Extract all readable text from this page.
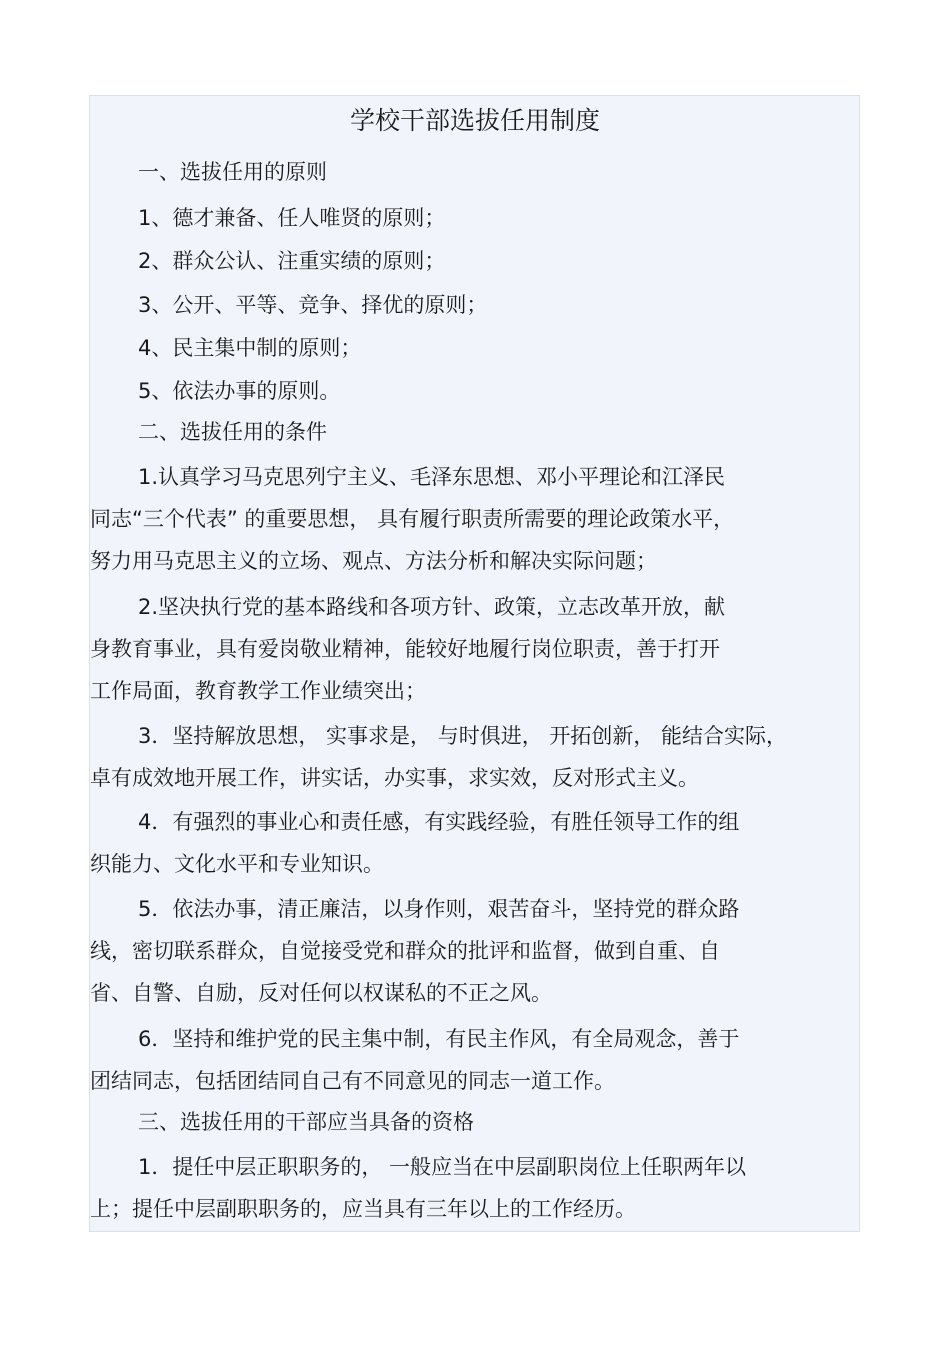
学校干部选拔任用制度

一、选拔任用的原则

1、德才兼备、任人唯贤的原则；

2、群众公认、注重实绩的原则；

3、公开、平等、竞争、择优的原则；

4、民主集中制的原则；

5、依法办事的原则。

二、选拔任用的条件

1.认真学习马克思列宁主义、毛泽东思想、邓小平理论和江泽民

同志“三个代表” 的重要思想， 具有履行职责所需要的理论政策水平，

努力用马克思主义的立场、观点、方法分析和解决实际问题；

2.坚决执行党的基本路线和各项方针、政策，立志改革开放，献

身教育事业，具有爱岗敬业精神，能较好地履行岗位职责，善于打开

工作局面，教育教学工作业绩突出；

3．坚持解放思想， 实事求是， 与时俱进， 开拓创新， 能结合实际，

卓有成效地开展工作，讲实话，办实事，求实效，反对形式主义。

4．有强烈的事业心和责任感，有实践经验，有胜任领导工作的组

织能力、文化水平和专业知识。

5．依法办事，清正廉洁，以身作则，艰苦奋斗，坚持党的群众路

线，密切联系群众，自觉接受党和群众的批评和监督，做到自重、自

省、自警、自励，反对任何以权谋私的不正之风。

6．坚持和维护党的民主集中制，有民主作风，有全局观念，善于

团结同志，包括团结同自己有不同意见的同志一道工作。

三、选拔任用的干部应当具备的资格

1．提任中层正职职务的， 一般应当在中层副职岗位上任职两年以

上；提任中层副职职务的，应当具有三年以上的工作经历。
